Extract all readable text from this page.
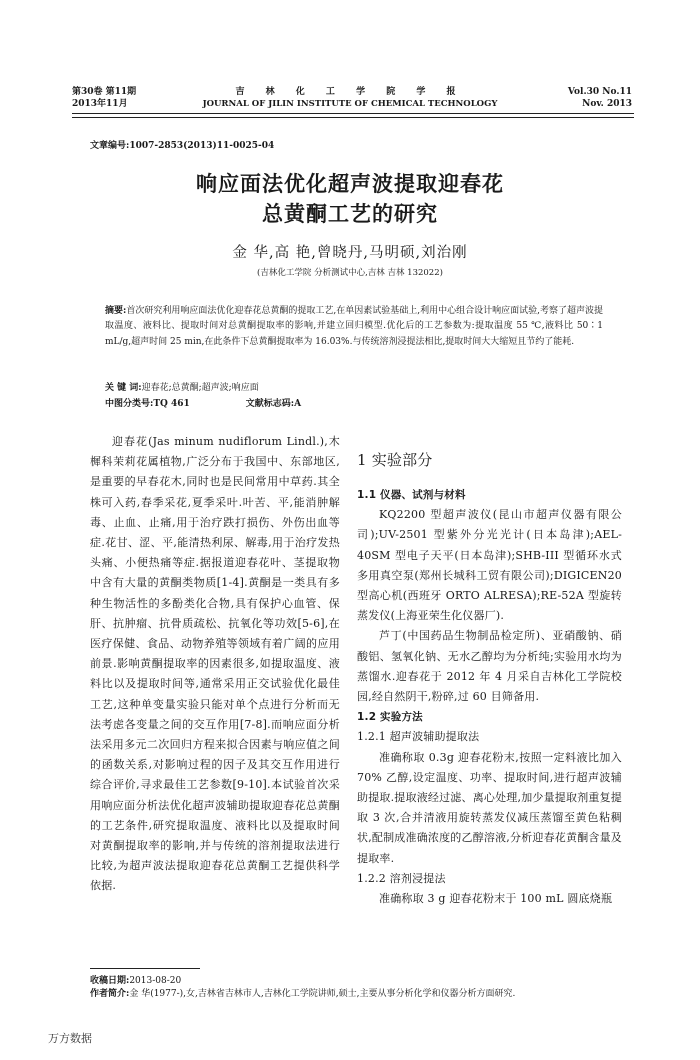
第30卷 第11期
2013年11月
吉 林 化 工 学 院 学 报
JOURNAL OF JILIN INSTITUTE OF CHEMICAL TECHNOLOGY
Vol.30 No.11
Nov. 2013
文章编号:1007-2853(2013)11-0025-04
响应面法优化超声波提取迎春花
总黄酮工艺的研究
金 华,高 艳,曾晓丹,马明硕,刘治刚
(吉林化工学院 分析测试中心,吉林 吉林 132022)
摘要:首次研究利用响应面法优化迎春花总黄酮的提取工艺,在单因素试验基础上,利用中心组合设计响应面试验,考察了超声波提取温度、液料比、提取时间对总黄酮提取率的影响,并建立回归模型.优化后的工艺参数为:提取温度 55 ℃,液料比 50∶1 mL/g,超声时间 25 min,在此条件下总黄酮提取率为 16.03%.与传统溶剂浸提法相比,提取时间大大缩短且节约了能耗.
关 键 词:迎春花;总黄酮;超声波;响应面
中图分类号:TQ 461	文献标志码:A

迎春花(Jas minum nudiflorum Lindl.),木樨科茉莉花属植物,广泛分布于我国中、东部地区,是重要的早春花木,同时也是民间常用中草药.其全株可入药,春季采花,夏季采叶.叶苦、平,能消肿解毒、止血、止痛,用于治疗跌打损伤、外伤出血等症.花甘、涩、平,能清热利尿、解毒,用于治疗发热头痛、小便热痛等症.据报道迎春花叶、茎提取物中含有大量的黄酮类物质[1-4].黄酮是一类具有多种生物活性的多酚类化合物,具有保护心血管、保肝、抗肿瘤、抗骨质疏松、抗氧化等功效[5-6],在医疗保健、食品、动物养殖等领域有着广阔的应用前景.影响黄酮提取率的因素很多,如提取温度、液料比以及提取时间等,通常采用正交试验优化最佳工艺,这种单变量实验只能对单个点进行分析而无法考虑各变量之间的交互作用[7-8].而响应面分析法采用多元二次回归方程来拟合因素与响应值之间的函数关系,对影响过程的因子及其交互作用进行综合评价,寻求最佳工艺参数[9-10].本试验首次采用响应面分析法优化超声波辅助提取迎春花总黄酮的工艺条件,研究提取温度、液料比以及提取时间对黄酮提取率的影响,并与传统的溶剂提取法进行比较,为超声波法提取迎春花总黄酮工艺提供科学依据.

1 实验部分
1.1 仪器、试剂与材料

KQ2200 型超声波仪(昆山市超声仪器有限公司);UV-2501 型紫外分光光计(日本岛津);AEL-40SM 型电子天平(日本岛津);SHB-III 型循环水式多用真空泵(郑州长城科工贸有限公司);DIGICEN20 型高心机(西班牙 ORTO ALRESA);RE-52A 型旋转蒸发仪(上海亚荣生化仪器厂).

芦丁(中国药品生物制品检定所)、亚硝酸钠、硝酸铝、氢氧化钠、无水乙醇均为分析纯;实验用水均为蒸馏水.迎春花于 2012 年 4 月采自吉林化工学院校园,经自然阴干,粉碎,过 60 目筛备用.

1.2 实验方法
1.2.1 超声波辅助提取法

准确称取 0.3g 迎春花粉末,按照一定料液比加入 70% 乙醇,设定温度、功率、提取时间,进行超声波辅助提取.提取液经过滤、离心处理,加少量提取剂重复提取 3 次,合并清液用旋转蒸发仪减压蒸馏至黄色粘稠状,配制成准确浓度的乙醇溶液,分析迎春花黄酮含量及提取率.

1.2.2 溶剂浸提法

准确称取 3 g 迎春花粉末于 100 mL 圆底烧瓶

收稿日期:2013-08-20
作者简介:金 华(1977-),女,吉林省吉林市人,吉林化工学院讲师,硕士,主要从事分析化学和仪器分析方面研究.
万方数据
